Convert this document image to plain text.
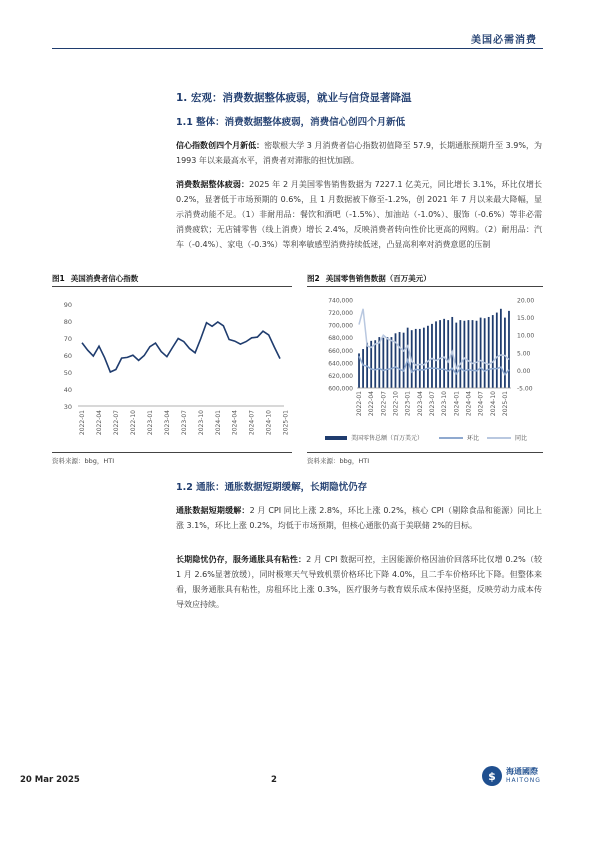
美国必需消费
1. 宏观：消费数据整体疲弱，就业与信贷显著降温
1.1 整体：消费数据整体疲弱，消费信心创四个月新低
信心指数创四个月新低：密歇根大学 3 月消费者信心指数初值降至 57.9，长期通胀预期升至 3.9%，为 1993 年以来最高水平，消费者对滞胀的担忧加剧。
消费数据整体疲弱：2025 年 2 月美国零售销售数据为 7227.1 亿美元，同比增长 3.1%，环比仅增长 0.2%，显著低于市场预期的 0.6%，且 1 月数据被下修至-1.2%，创 2021 年 7 月以来最大降幅，显示消费动能不足。（1）非耐用品：餐饮和酒吧（-1.5%）、加油站（-1.0%）、服饰（-0.6%）等非必需消费疲软；无店铺零售（线上消费）增长 2.4%，反映消费者转向性价比更高的网购。（2）耐用品：汽车（-0.4%）、家电（-0.3%）等利率敏感型消费持续低迷，凸显高利率对消费意愿的压制
图1 美国消费者信心指数
90
80
70
60
50
40
30
2022-01 2022-04 2022-07 2022-10 2023-01 2023-04 2023-07 2023-10 2024-01 2024-04 2024-07 2024-10 2025-01
资料来源：bbg，HTI
图2 美国零售销售数据（百万美元）
740,000
720,000
700,000
680,000
660,000
640,000
620,000
600,000
20.00
15.00
10.00
5.00
0.00
-5.00
2022-01 2022-04 2022-07 2022-10 2023-01 2023-04 2023-07 2023-10 2024-01 2024-04 2024-07 2024-10 2025-01
美国零售总额（百万美元）	环比	同比
资料来源：bbg，HTI
1.2 通胀：通胀数据短期缓解，长期隐忧仍存
通胀数据短期缓解：2 月 CPI 同比上涨 2.8%，环比上涨 0.2%，核心 CPI（剔除食品和能源）同比上涨 3.1%，环比上涨 0.2%，均低于市场预期，但核心通胀仍高于美联储 2%的目标。
长期隐忧仍存，服务通胀具有粘性：2 月 CPI 数据可控，主因能源价格因油价回落环比仅增 0.2%（较 1 月 2.6%显著放缓），同时极寒天气导致机票价格环比下降 4.0%，且二手车价格环比下降。但整体来看，服务通胀具有粘性，房租环比上涨 0.3%，医疗服务与教育娱乐成本保持坚挺，反映劳动力成本传导效应持续。
20 Mar 2025	2	$	海通國際
HAITONG
